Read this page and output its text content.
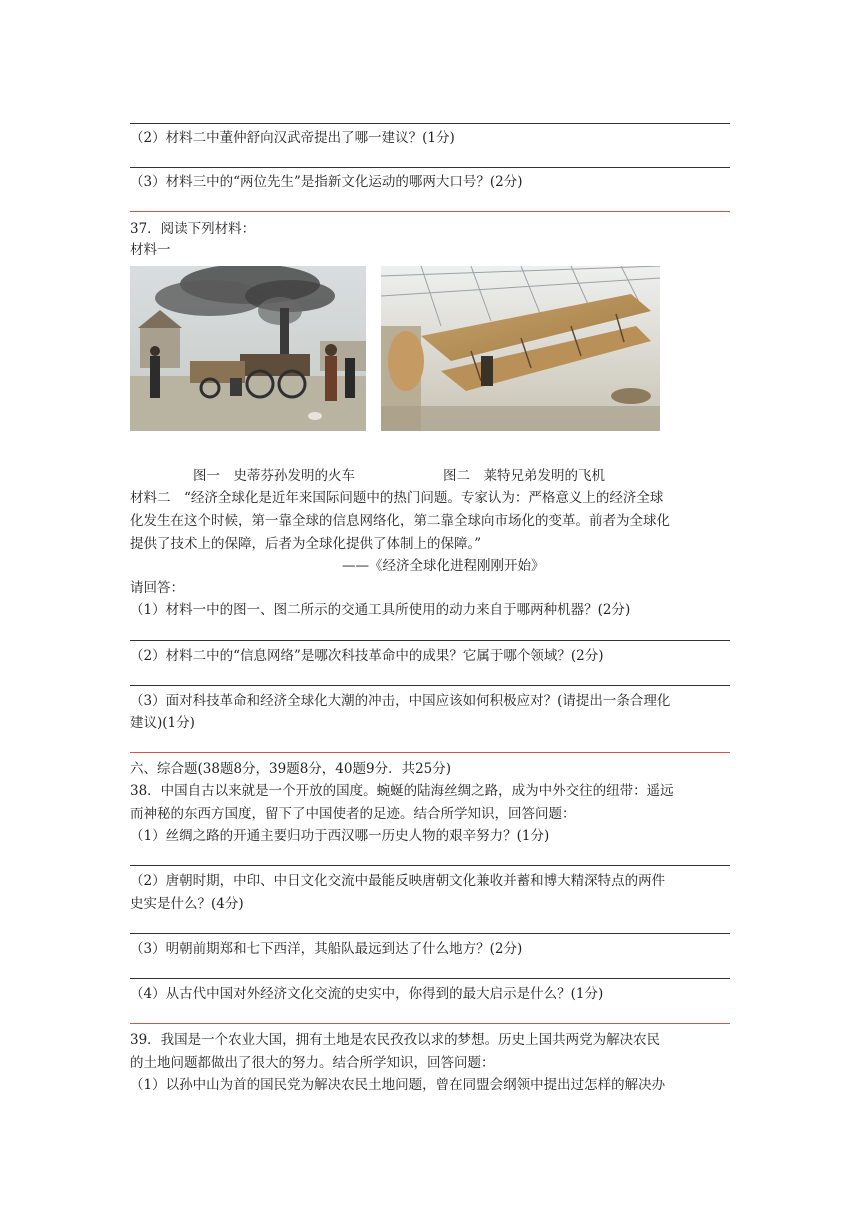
（2）材料二中董仲舒向汉武帝提出了哪一建议？(1分)
（3）材料三中的“两位先生”是指新文化运动的哪两大口号？(2分)
37．阅读下列材料：
材料一
图一　史蒂芬孙发明的火车	图二　莱特兄弟发明的飞机
材料二　“经济全球化是近年来国际问题中的热门问题。专家认为：严格意义上的经济全球
化发生在这个时候，第一靠全球的信息网络化，第二靠全球向市场化的变革。前者为全球化
提供了技术上的保障，后者为全球化提供了体制上的保障。”
——《经济全球化进程刚刚开始》
请回答：
（1）材料一中的图一、图二所示的交通工具所使用的动力来自于哪两种机器？(2分)
（2）材料二中的“信息网络”是哪次科技革命中的成果？它属于哪个领域？(2分)
（3）面对科技革命和经济全球化大潮的冲击，中国应该如何积极应对？(请提出一条合理化
建议)(1分)
六、综合题(38题8分，39题8分，40题9分．共25分)
38．中国自古以来就是一个开放的国度。蜿蜒的陆海丝绸之路，成为中外交往的纽带：遥远
而神秘的东西方国度，留下了中国使者的足迹。结合所学知识，回答问题：
（1）丝绸之路的开通主要归功于西汉哪一历史人物的艰辛努力？(1分)
（2）唐朝时期，中印、中日文化交流中最能反映唐朝文化兼收并蓄和博大精深特点的两件
史实是什么？(4分)
（3）明朝前期郑和七下西洋，其船队最远到达了什么地方？(2分)
（4）从古代中国对外经济文化交流的史实中，你得到的最大启示是什么？(1分)
39．我国是一个农业大国，拥有土地是农民孜孜以求的梦想。历史上国共两党为解决农民
的土地问题都做出了很大的努力。结合所学知识，回答问题：
（1）以孙中山为首的国民党为解决农民土地问题，曾在同盟会纲领中提出过怎样的解决办
